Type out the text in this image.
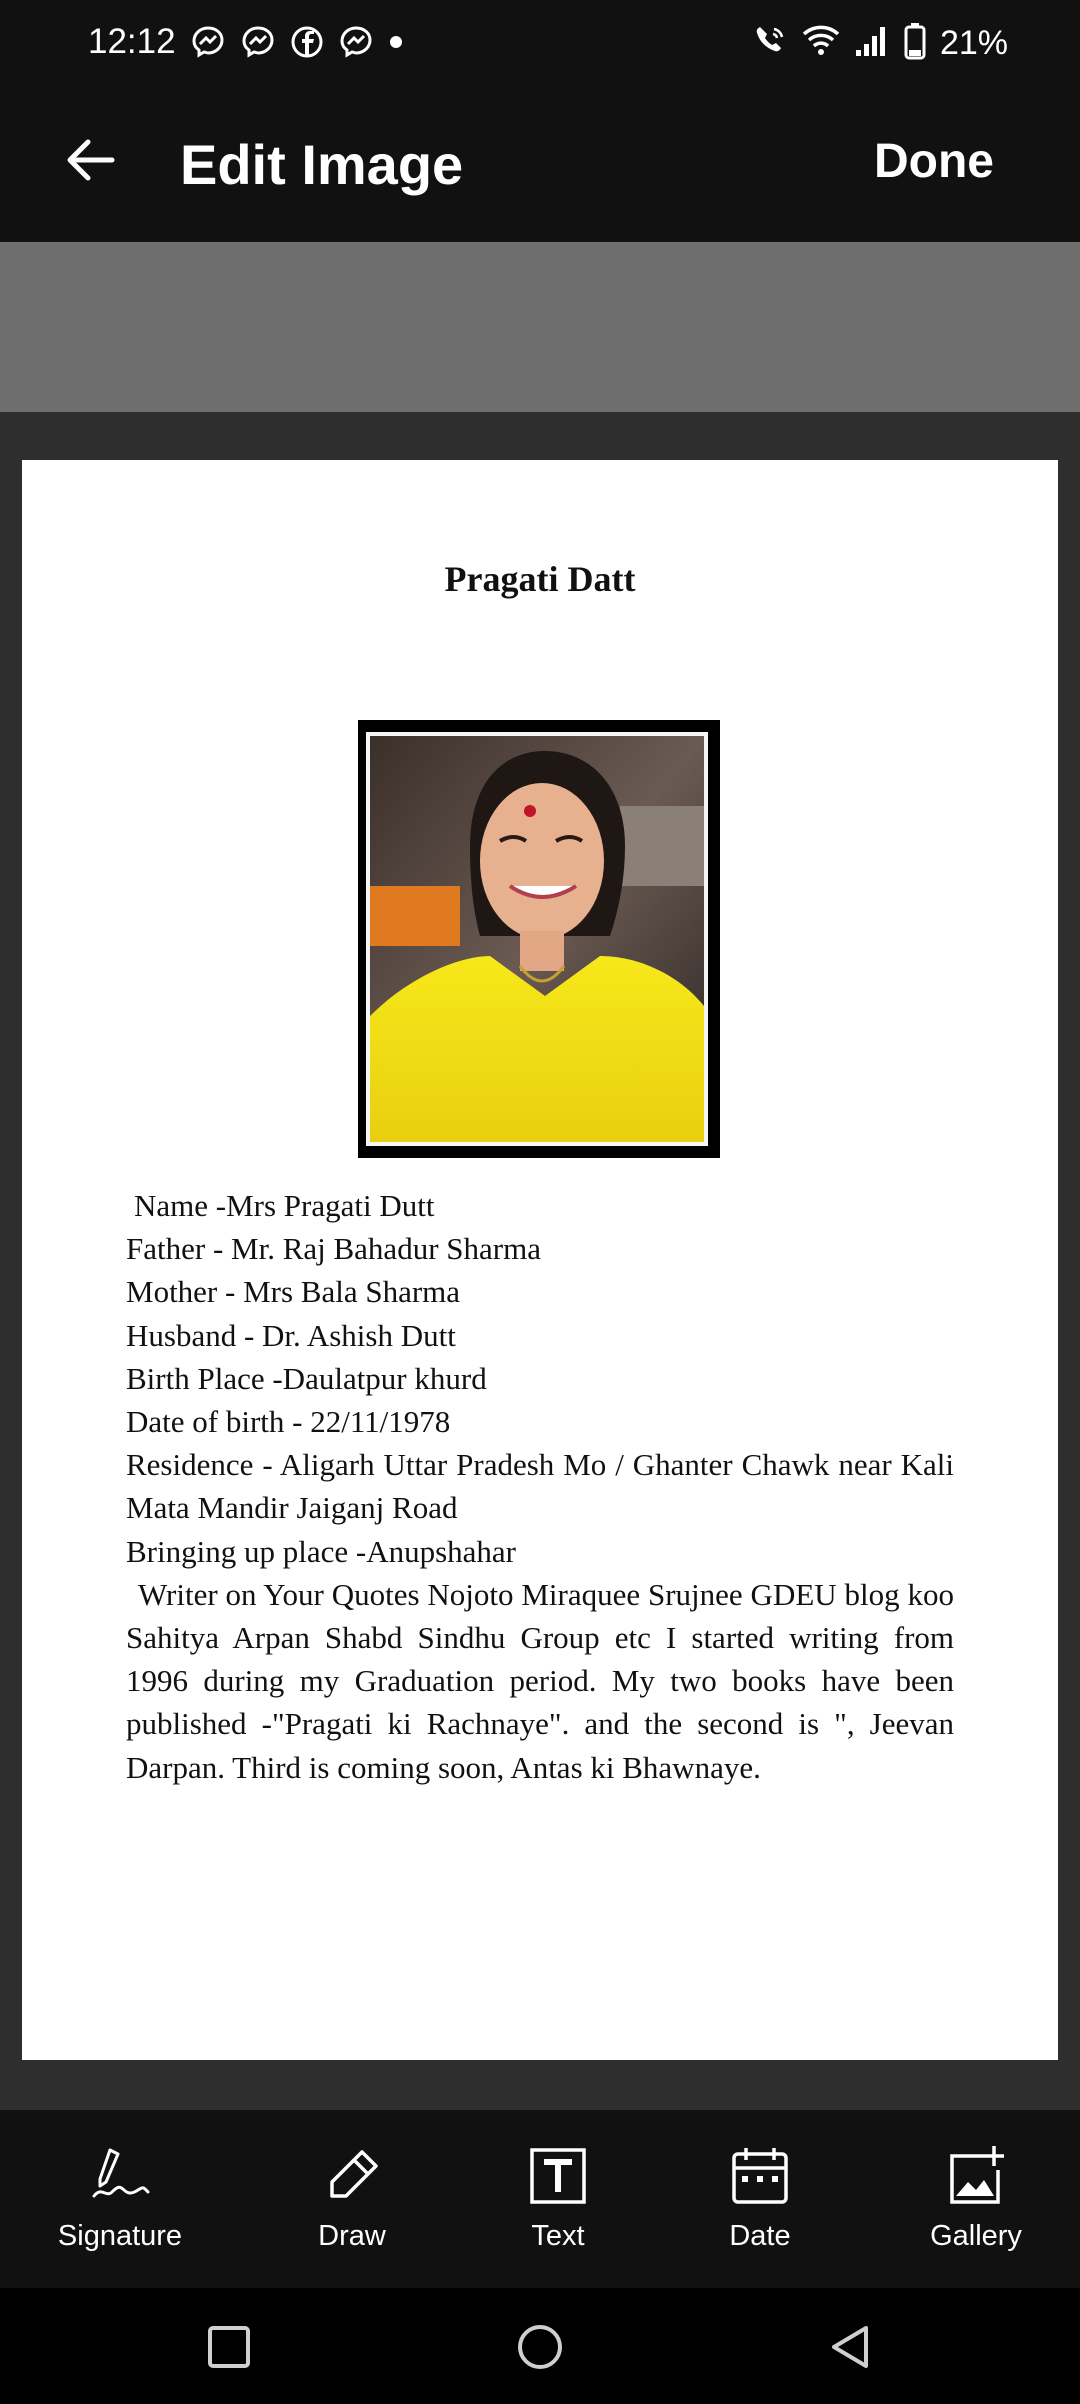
12:12	21%
Edit Image	Done
Pragati Datt
Name -Mrs Pragati Dutt
Father - Mr. Raj Bahadur Sharma
Mother - Mrs Bala Sharma
Husband - Dr. Ashish Dutt
Birth Place -Daulatpur khurd
Date of birth - 22/11/1978
Residence - Aligarh Uttar Pradesh Mo / Ghanter Chawk near Kali Mata Mandir Jaiganj Road
Bringing up place -Anupshahar
Writer on Your Quotes Nojoto Miraquee Srujnee GDEU blog koo Sahitya Arpan Shabd Sindhu Group etc I started writing from 1996 during my Graduation period. My two books have been published -"Pragati ki Rachnaye". and the second is ", Jeevan Darpan. Third is coming soon, Antas ki Bhawnaye.
Signature	Draw	Text	Date	Gallery
